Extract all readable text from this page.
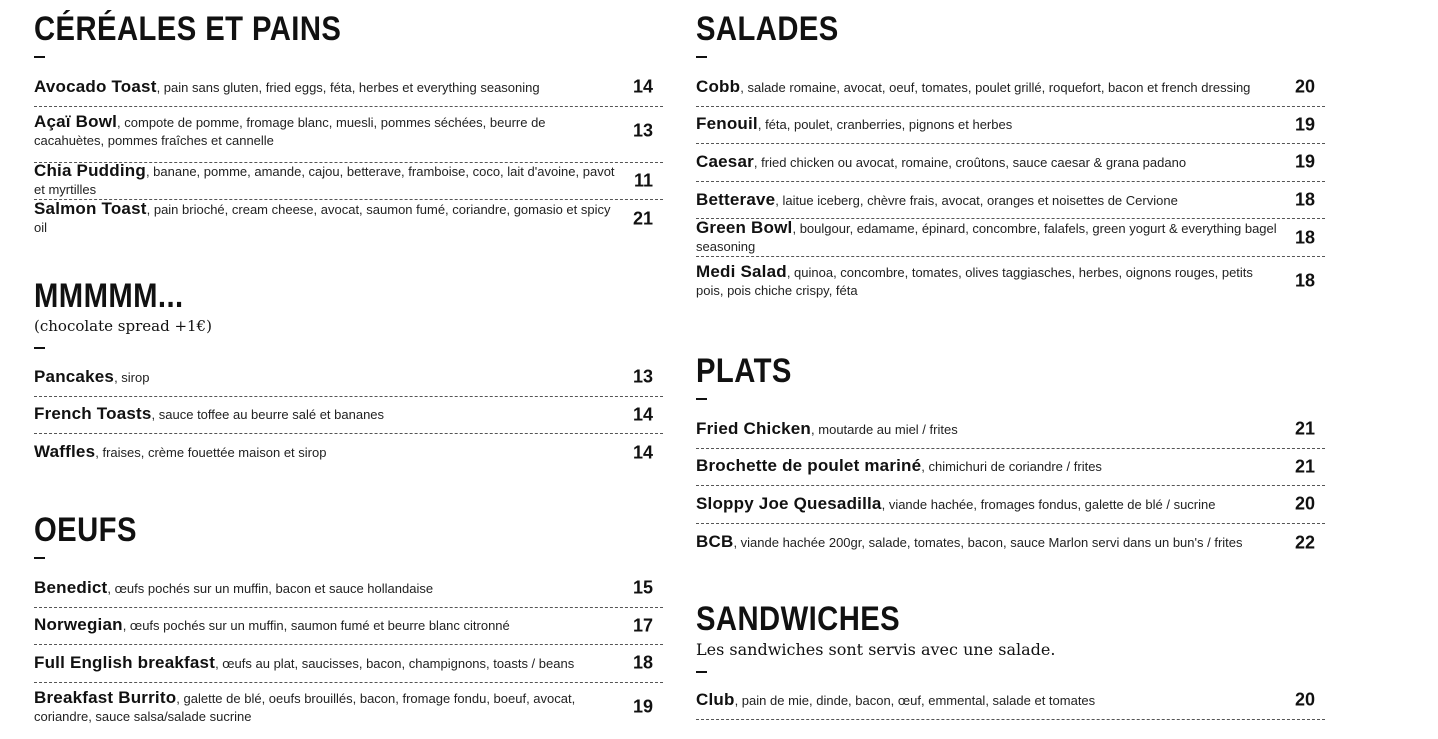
CÉRÉALES ET PAINS
Avocado Toast, pain sans gluten, fried eggs, féta, herbes et everything seasoning	14
Açaï Bowl, compote de pomme, fromage blanc, muesli, pommes séchées, beurre de cacahuètes, pommes fraîches et cannelle	13
Chia Pudding, banane, pomme, amande, cajou, betterave, framboise, coco, lait d'avoine, pavot et myrtilles	11
Salmon Toast, pain brioché, cream cheese, avocat, saumon fumé, coriandre, gomasio et spicy oil	21
MMMMM...
(chocolate spread +1€)
Pancakes, sirop	13
French Toasts, sauce toffee au beurre salé et bananes	14
Waffles, fraises, crème fouettée maison et sirop	14
OEUFS
Benedict, œufs pochés sur un muffin, bacon et sauce hollandaise	15
Norwegian, œufs pochés sur un muffin, saumon fumé et beurre blanc citronné	17
Full English breakfast, œufs au plat, saucisses, bacon, champignons, toasts / beans	18
Breakfast Burrito, galette de blé, oeufs brouillés, bacon, fromage fondu, boeuf, avocat, coriandre, sauce salsa/salade sucrine	19
SALADES
Cobb, salade romaine, avocat, oeuf, tomates, poulet grillé, roquefort, bacon et french dressing 20
Fenouil, féta, poulet, cranberries, pignons et herbes	19
Caesar, fried chicken ou avocat, romaine, croûtons, sauce caesar & grana padano	19
Betterave, laitue iceberg, chèvre frais, avocat, oranges et noisettes de Cervione	18
Green Bowl, boulgour, edamame, épinard, concombre, falafels, green yogurt & everything bagel seasoning	18
Medi Salad, quinoa, concombre, tomates, olives taggiasches, herbes, oignons rouges, petits pois, pois chiche crispy, féta	18
PLATS
Fried Chicken, moutarde au miel / frites	21
Brochette de poulet mariné, chimichuri de coriandre / frites	21
Sloppy Joe Quesadilla, viande hachée, fromages fondus, galette de blé / sucrine	20
BCB, viande hachée 200gr, salade, tomates, bacon, sauce Marlon servi dans un bun's / frites	22
SANDWICHES
Les sandwiches sont servis avec une salade.
Club, pain de mie, dinde, bacon, œuf, emmental, salade et tomates	20
